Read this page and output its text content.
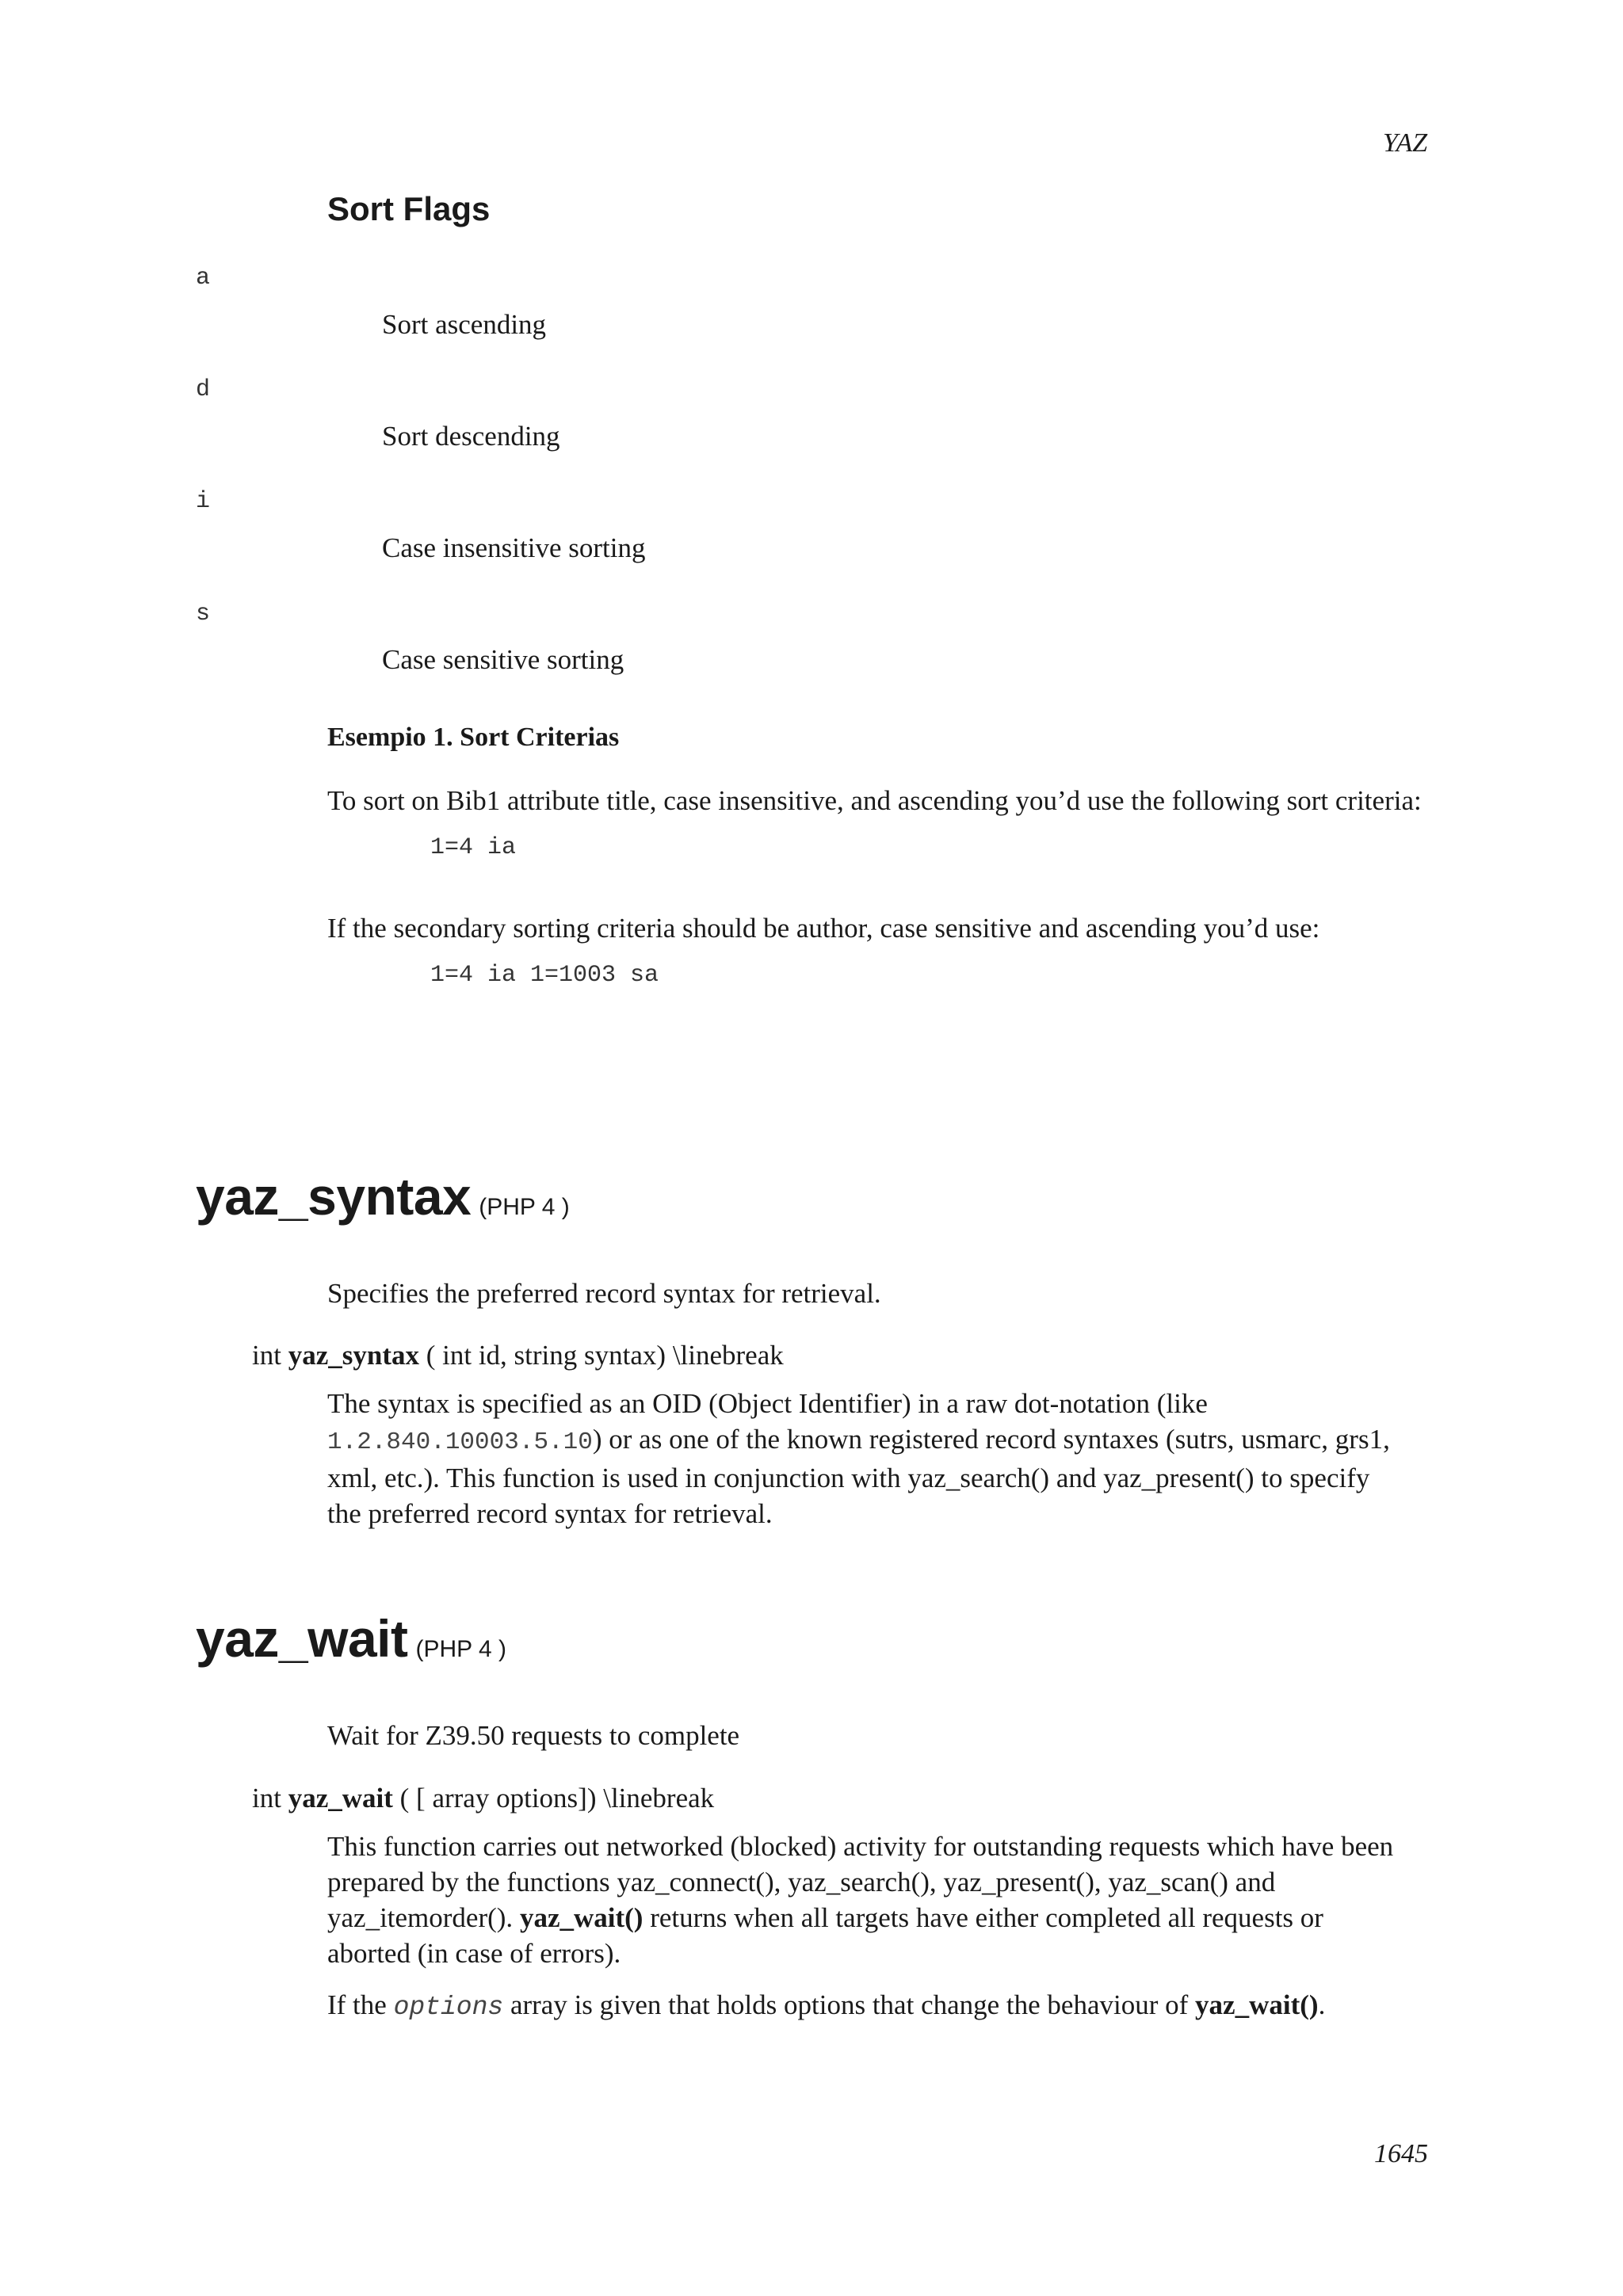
YAZ
Sort Flags
a
Sort ascending
d
Sort descending
i
Case insensitive sorting
s
Case sensitive sorting
Esempio 1. Sort Criterias
To sort on Bib1 attribute title, case insensitive, and ascending you’d use the following sort criteria:
1=4 ia
If the secondary sorting criteria should be author, case sensitive and ascending you’d use:
1=4 ia 1=1003 sa
yaz_syntax (PHP 4 )
Specifies the preferred record syntax for retrieval.
int yaz_syntax ( int id, string syntax) \linebreak
The syntax is specified as an OID (Object Identifier) in a raw dot-notation (like 1.2.840.10003.5.10) or as one of the known registered record syntaxes (sutrs, usmarc, grs1, xml, etc.). This function is used in conjunction with yaz_search() and yaz_present() to specify the preferred record syntax for retrieval.
yaz_wait (PHP 4 )
Wait for Z39.50 requests to complete
int yaz_wait ( [ array options]) \linebreak
This function carries out networked (blocked) activity for outstanding requests which have been prepared by the functions yaz_connect(), yaz_search(), yaz_present(), yaz_scan() and yaz_itemorder(). yaz_wait() returns when all targets have either completed all requests or aborted (in case of errors).
If the options array is given that holds options that change the behaviour of yaz_wait().
1645
